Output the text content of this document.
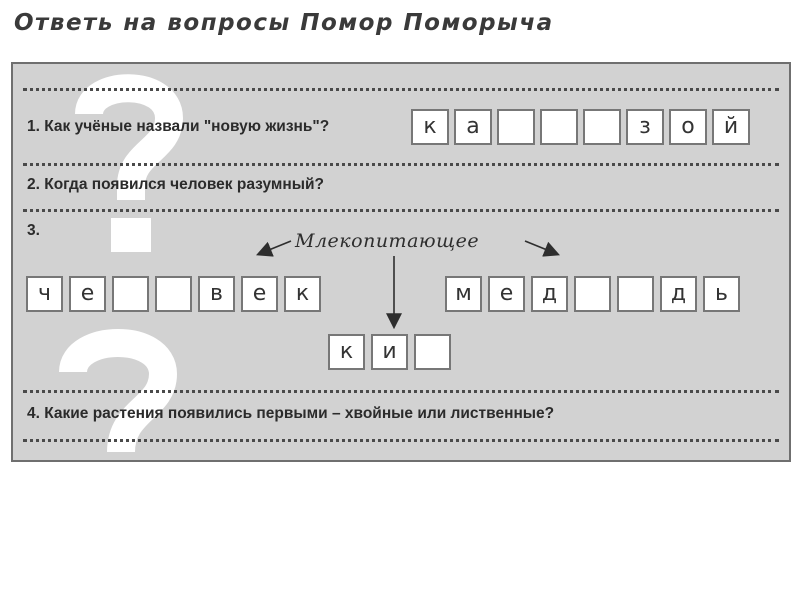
Ответь на вопросы Помор Поморыча

1. Как учёные назвали "новую жизнь"?	к	а	з	о	й

2. Когда появился человек разумный?

3.	Млекопитающее
ч	е	в	е	к	м	е	д	д	ь
к	и

4. Какие растения появились первыми – хвойные или лиственные?
